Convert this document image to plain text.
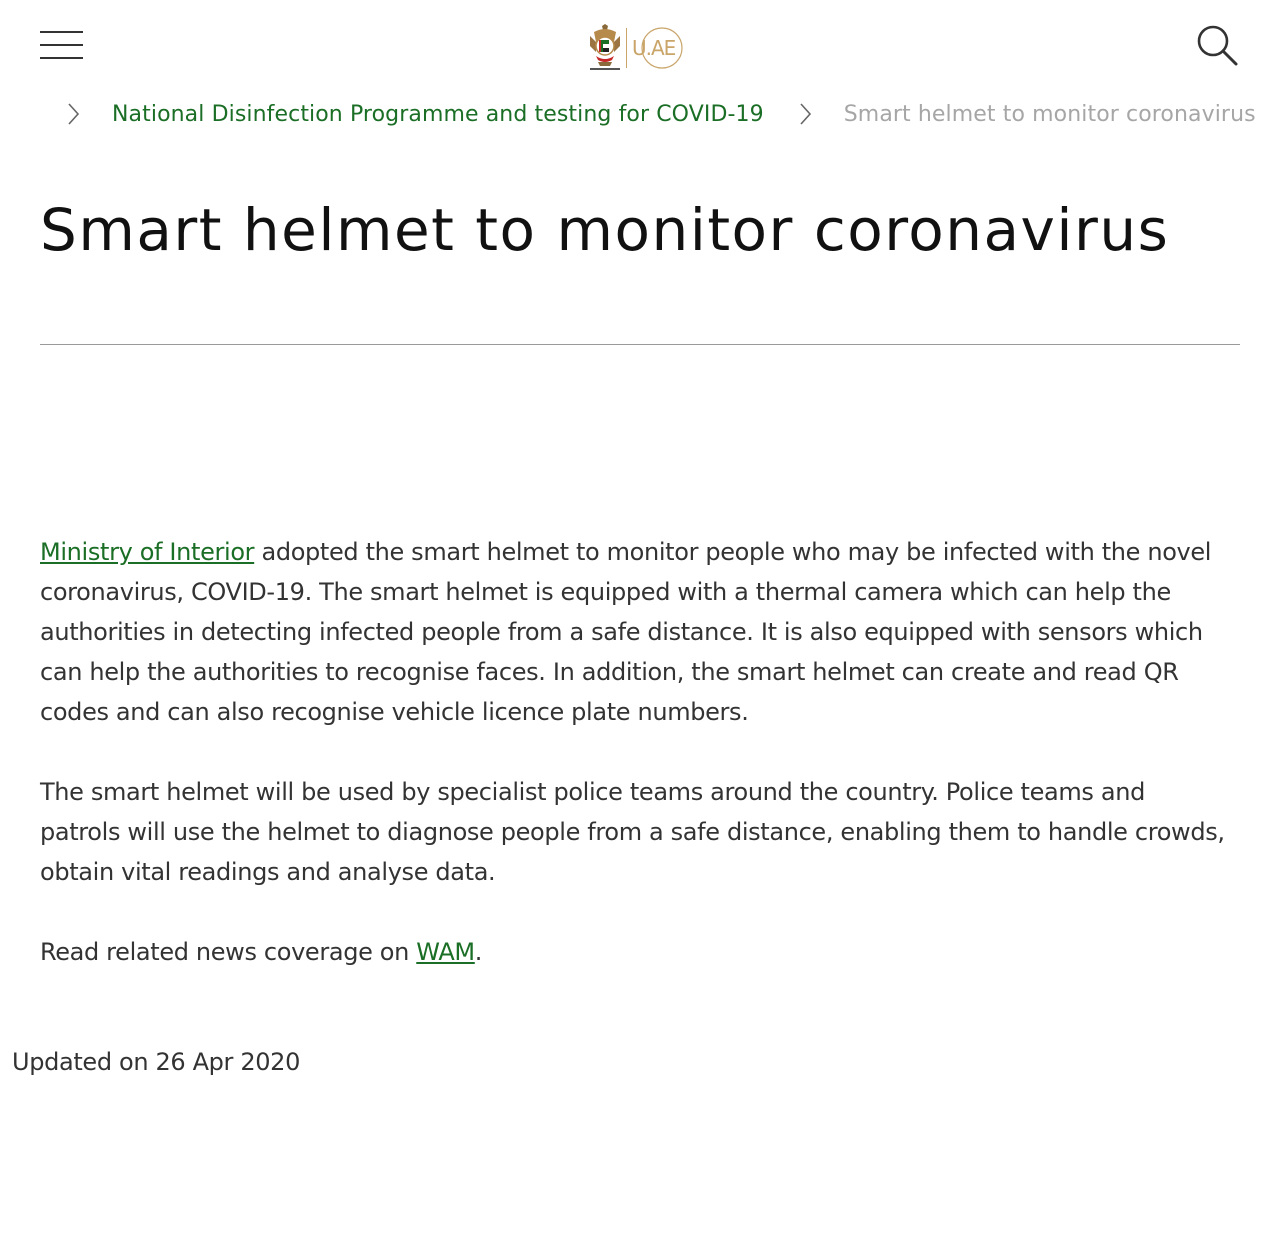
U.AE
National Disinfection Programme and testing for COVID-19	Smart helmet to monitor coronavirus
Smart helmet to monitor coronavirus

Ministry of Interior adopted the smart helmet to monitor people who may be infected with the novel coronavirus, COVID-19. The smart helmet is equipped with a thermal camera which can help the authorities in detecting infected people from a safe distance. It is also equipped with sensors which can help the authorities to recognise faces. In addition, the smart helmet can create and read QR codes and can also recognise vehicle licence plate numbers.

The smart helmet will be used by specialist police teams around the country. Police teams and patrols will use the helmet to diagnose people from a safe distance, enabling them to handle crowds, obtain vital readings and analyse data.

Read related news coverage on WAM.

Updated on 26 Apr 2020
